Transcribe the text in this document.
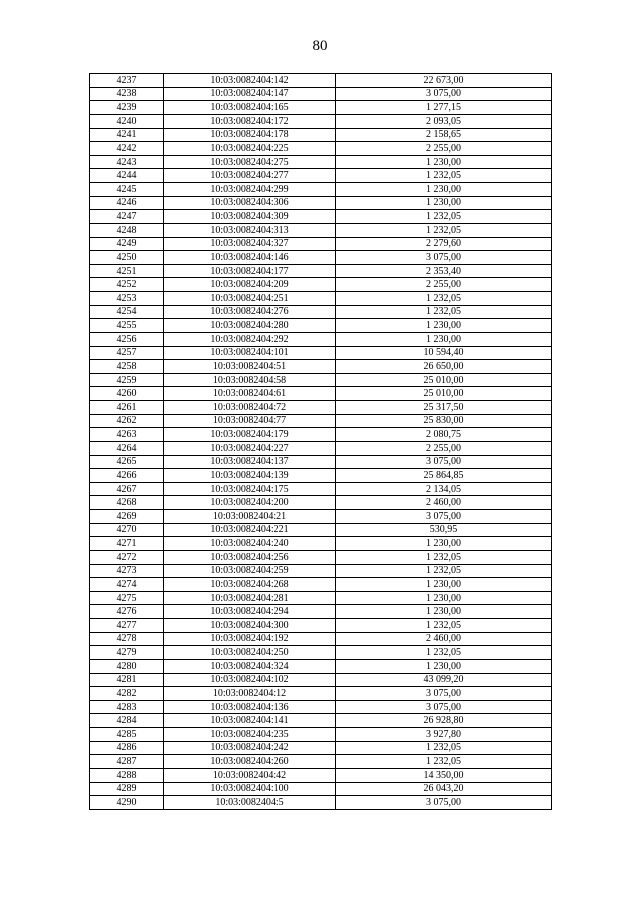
80
4237	10:03:0082404:142	22 673,00
4238	10:03:0082404:147	3 075,00
4239	10:03:0082404:165	1 277,15
4240	10:03:0082404:172	2 093,05
4241	10:03:0082404:178	2 158,65
4242	10:03:0082404:225	2 255,00
4243	10:03:0082404:275	1 230,00
4244	10:03:0082404:277	1 232,05
4245	10:03:0082404:299	1 230,00
4246	10:03:0082404:306	1 230,00
4247	10:03:0082404:309	1 232,05
4248	10:03:0082404:313	1 232,05
4249	10:03:0082404:327	2 279,60
4250	10:03:0082404:146	3 075,00
4251	10:03:0082404:177	2 353,40
4252	10:03:0082404:209	2 255,00
4253	10:03:0082404:251	1 232,05
4254	10:03:0082404:276	1 232,05
4255	10:03:0082404:280	1 230,00
4256	10:03:0082404:292	1 230,00
4257	10:03:0082404:101	10 594,40
4258	10:03:0082404:51	26 650,00
4259	10:03:0082404:58	25 010,00
4260	10:03:0082404:61	25 010,00
4261	10:03:0082404:72	25 317,50
4262	10:03:0082404:77	25 830,00
4263	10:03:0082404:179	2 080,75
4264	10:03:0082404:227	2 255,00
4265	10:03:0082404:137	3 075,00
4266	10:03:0082404:139	25 864,85
4267	10:03:0082404:175	2 134,05
4268	10:03:0082404:200	2 460,00
4269	10:03:0082404:21	3 075,00
4270	10:03:0082404:221	530,95
4271	10:03:0082404:240	1 230,00
4272	10:03:0082404:256	1 232,05
4273	10:03:0082404:259	1 232,05
4274	10:03:0082404:268	1 230,00
4275	10:03:0082404:281	1 230,00
4276	10:03:0082404:294	1 230,00
4277	10:03:0082404:300	1 232,05
4278	10:03:0082404:192	2 460,00
4279	10:03:0082404:250	1 232,05
4280	10:03:0082404:324	1 230,00
4281	10:03:0082404:102	43 099,20
4282	10:03:0082404:12	3 075,00
4283	10:03:0082404:136	3 075,00
4284	10:03:0082404:141	26 928,80
4285	10:03:0082404:235	3 927,80
4286	10:03:0082404:242	1 232,05
4287	10:03:0082404:260	1 232,05
4288	10:03:0082404:42	14 350,00
4289	10:03:0082404:100	26 043,20
4290	10:03:0082404:5	3 075,00
